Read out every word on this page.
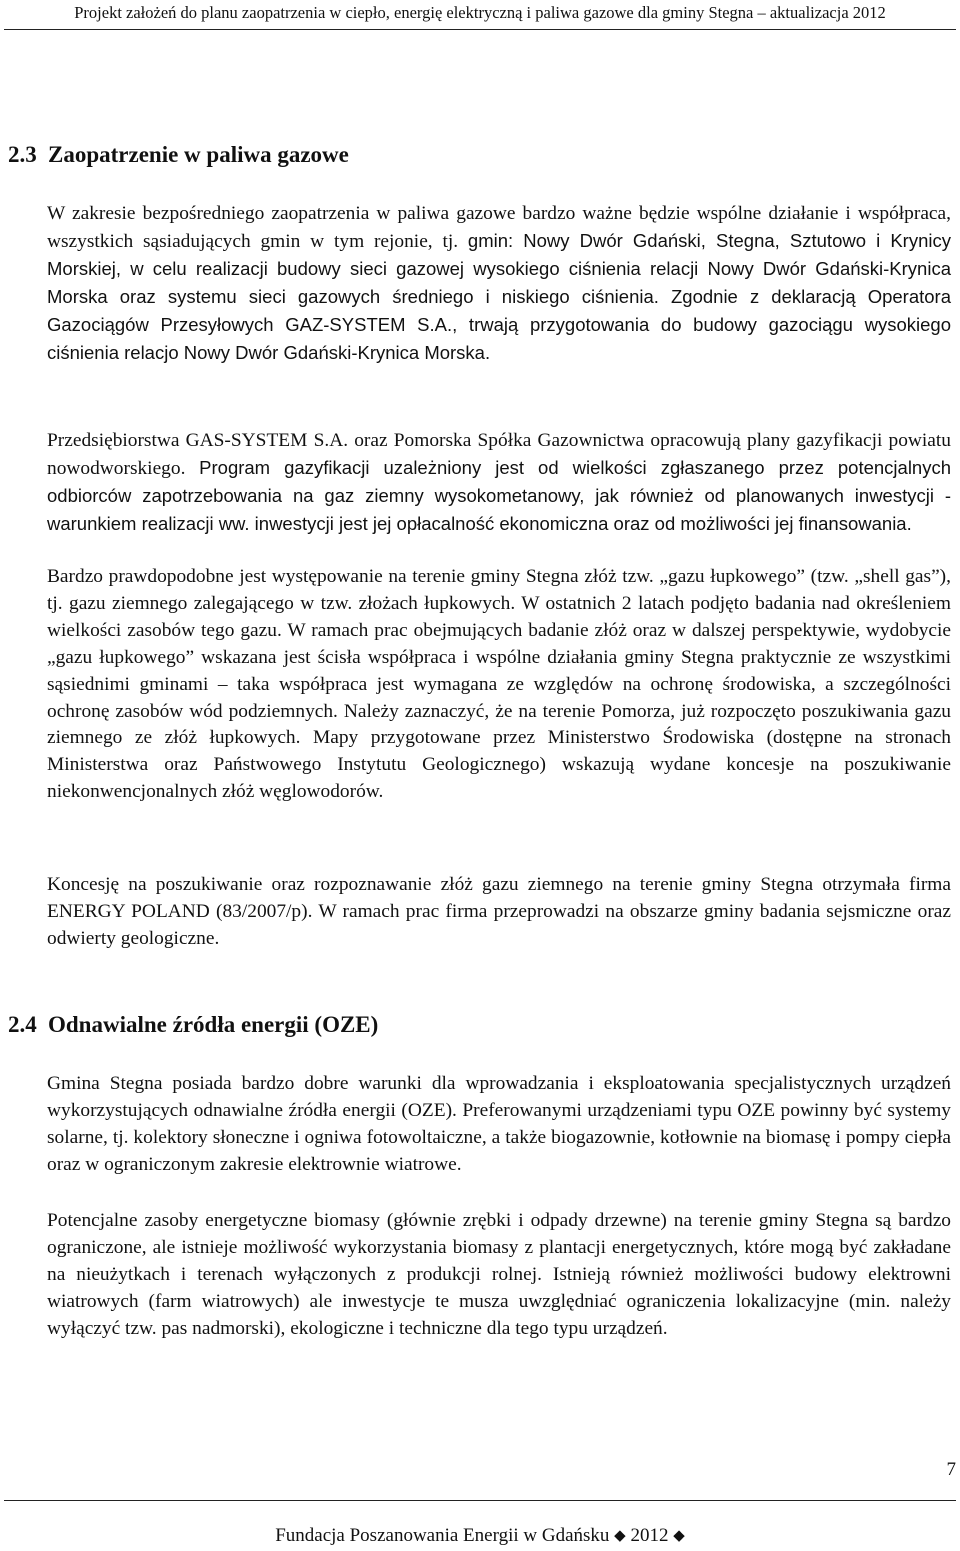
Projekt założeń do planu zaopatrzenia w ciepło, energię elektryczną i paliwa gazowe dla gminy Stegna – aktualizacja 2012
2.3 Zaopatrzenie w paliwa gazowe

W zakresie bezpośredniego zaopatrzenia w paliwa gazowe bardzo ważne będzie wspólne działanie i współpraca, wszystkich sąsiadujących gmin w tym rejonie, tj. gmin: Nowy Dwór Gdański, Stegna, Sztutowo i Krynicy Morskiej, w celu realizacji budowy sieci gazowej wysokiego ciśnienia relacji Nowy Dwór Gdański-Krynica Morska oraz systemu sieci gazowych średniego i niskiego ciśnienia. Zgodnie z deklaracją Operatora Gazociągów Przesyłowych GAZ-SYSTEM S.A., trwają przygotowania do budowy gazociągu wysokiego ciśnienia relacjo Nowy Dwór Gdański-Krynica Morska.

Przedsiębiorstwa GAS-SYSTEM S.A. oraz Pomorska Spółka Gazownictwa opracowują plany gazyfikacji powiatu nowodworskiego. Program gazyfikacji uzależniony jest od wielkości zgłaszanego przez potencjalnych odbiorców zapotrzebowania na gaz ziemny wysokometanowy, jak również od planowanych inwestycji - warunkiem realizacji ww. inwestycji jest jej opłacalność ekonomiczna oraz od możliwości jej finansowania.

Bardzo prawdopodobne jest występowanie na terenie gminy Stegna złóż tzw. „gazu łupkowego” (tzw. „shell gas”), tj. gazu ziemnego zalegającego w tzw. złożach łupkowych. W ostatnich 2 latach podjęto badania nad określeniem wielkości zasobów tego gazu. W ramach prac obejmujących badanie złóż oraz w dalszej perspektywie, wydobycie „gazu łupkowego” wskazana jest ścisła współpraca i wspólne działania gminy Stegna praktycznie ze wszystkimi sąsiednimi gminami – taka współpraca jest wymagana ze względów na ochronę środowiska, a szczególności ochronę zasobów wód podziemnych. Należy zaznaczyć, że na terenie Pomorza, już rozpoczęto poszukiwania gazu ziemnego ze złóż łupkowych. Mapy przygotowane przez Ministerstwo Środowiska (dostępne na stronach Ministerstwa oraz Państwowego Instytutu Geologicznego) wskazują wydane koncesje na poszukiwanie niekonwencjonalnych złóż węglowodorów.

Koncesję na poszukiwanie oraz rozpoznawanie złóż gazu ziemnego na terenie gminy Stegna otrzymała firma ENERGY POLAND (83/2007/p). W ramach prac firma przeprowadzi na obszarze gminy badania sejsmiczne oraz odwierty geologiczne.

2.4 Odnawialne źródła energii (OZE)

Gmina Stegna posiada bardzo dobre warunki dla wprowadzania i eksploatowania specjalistycznych urządzeń wykorzystujących odnawialne źródła energii (OZE). Preferowanymi urządzeniami typu OZE powinny być systemy solarne, tj. kolektory słoneczne i ogniwa fotowoltaiczne, a także biogazownie, kotłownie na biomasę i pompy ciepła oraz w ograniczonym zakresie elektrownie wiatrowe.

Potencjalne zasoby energetyczne biomasy (głównie zrębki i odpady drzewne) na terenie gminy Stegna są bardzo ograniczone, ale istnieje możliwość wykorzystania biomasy z plantacji energetycznych, które mogą być zakładane na nieużytkach i terenach wyłączonych z produkcji rolnej. Istnieją również możliwości budowy elektrowni wiatrowych (farm wiatrowych) ale inwestycje te musza uwzględniać ograniczenia lokalizacyjne (min. należy wyłączyć tzw. pas nadmorski), ekologiczne i techniczne dla tego typu urządzeń.

7
Fundacja Poszanowania Energii w Gdańsku ◆ 2012 ◆
